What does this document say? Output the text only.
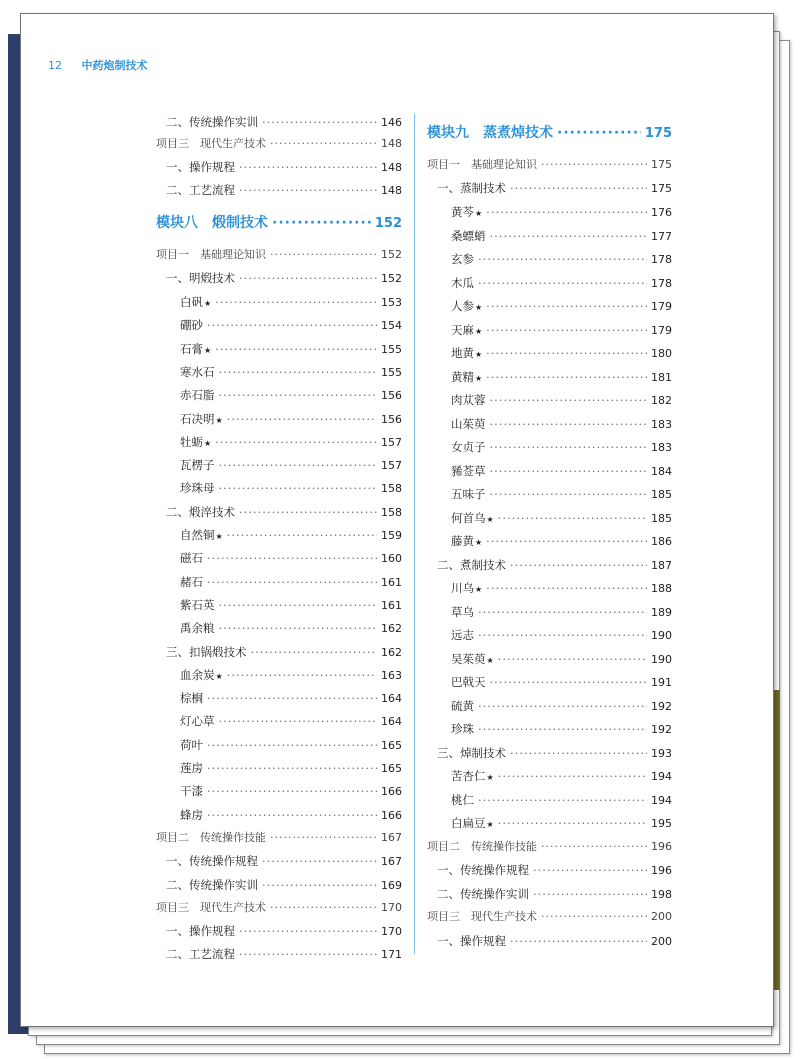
12 中药炮制技术
二、传统操作实训 ·····	146
项目三　现代生产技术 ·····	148
一、操作规程 ·····	148
二、工艺流程 ·····	148
模块八　煅制技术 ·····	152
项目一　基础理论知识 ·····	152
一、明煅技术 ·····	152
白矾 ★ ·····	153
硼砂 ·····	154
石膏 ★ ·····	155
寒水石 ·····	155
赤石脂 ·····	156
石决明 ★ ·····	156
牡蛎 ★ ·····	157
瓦楞子 ·····	157
珍珠母 ·····	158
二、煅淬技术 ·····	158
自然铜 ★ ·····	159
磁石 ·····	160
赭石 ·····	161
紫石英 ·····	161
禹余粮 ·····	162
三、扣锅煅技术 ·····	162
血余炭 ★ ·····	163
棕榈 ·····	164
灯心草 ·····	164
荷叶 ·····	165
莲房 ·····	165
干漆 ·····	166
蜂房 ·····	166
项目二　传统操作技能 ·····	167
一、传统操作规程 ·····	167
二、传统操作实训 ·····	169
项目三　现代生产技术 ·····	170
一、操作规程 ·····	170
二、工艺流程 ·····	171
模块九　蒸煮焯技术 ·····	175
项目一　基础理论知识 ·····	175
一、蒸制技术 ·····	175
黄芩 ★ ·····	176
桑螵蛸 ·····	177
玄参 ·····	178
木瓜 ·····	178
人参 ★ ·····	179
天麻 ★ ·····	179
地黄 ★ ·····	180
黄精 ★ ·····	181
肉苁蓉 ·····	182
山茱萸 ·····	183
女贞子 ·····	183
豨莶草 ·····	184
五味子 ·····	185
何首乌 ★ ·····	185
藤黄 ★ ·····	186
二、煮制技术 ·····	187
川乌 ★ ·····	188
草乌 ·····	189
远志 ·····	190
吴茱萸 ★ ·····	190
巴戟天 ·····	191
硫黄 ·····	192
珍珠 ·····	192
三、焯制技术 ·····	193
苦杏仁 ★ ·····	194
桃仁 ·····	194
白扁豆 ★ ·····	195
项目二　传统操作技能 ·····	196
一、传统操作规程 ·····	196
二、传统操作实训 ·····	198
项目三　现代生产技术 ·····	200
一、操作规程 ·····	200
